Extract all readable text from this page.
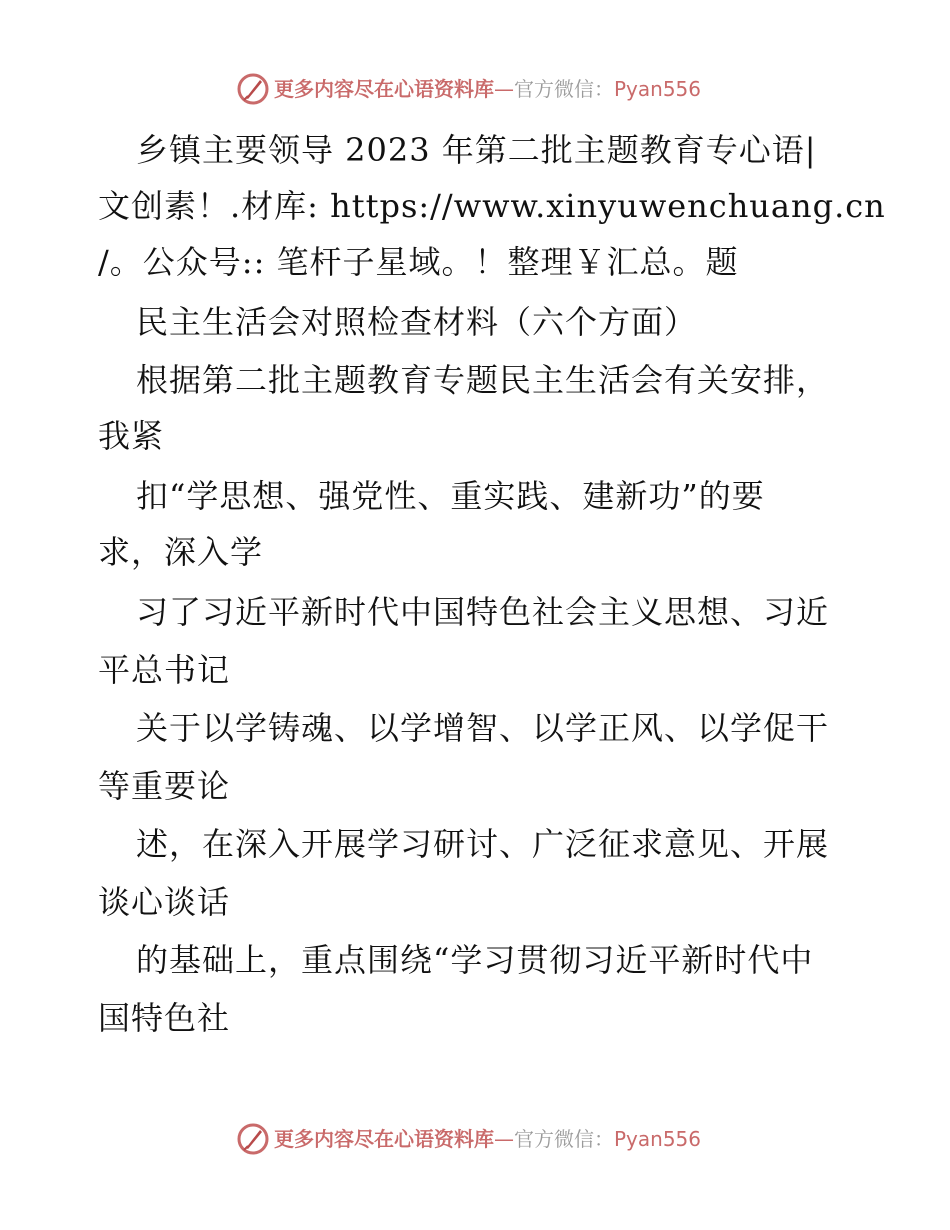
更多内容尽在心语资料库—官方微信：Pyan556
乡镇主要领导 2023 年第二批主题教育专心语|
文创素！.材库: https://www.xinyuwenchuang.cn
/。公众号:: 笔杆子星域。！整理￥汇总。题
民主生活会对照检查材料（六个方面）
根据第二批主题教育专题民主生活会有关安排，
我紧
扣“学思想、强党性、重实践、建新功”的要
求，深入学
习了习近平新时代中国特色社会主义思想、习近
平总书记
关于以学铸魂、以学增智、以学正风、以学促干
等重要论
述，在深入开展学习研讨、广泛征求意见、开展
谈心谈话
的基础上，重点围绕“学习贯彻习近平新时代中
国特色社
更多内容尽在心语资料库—官方微信：Pyan556
